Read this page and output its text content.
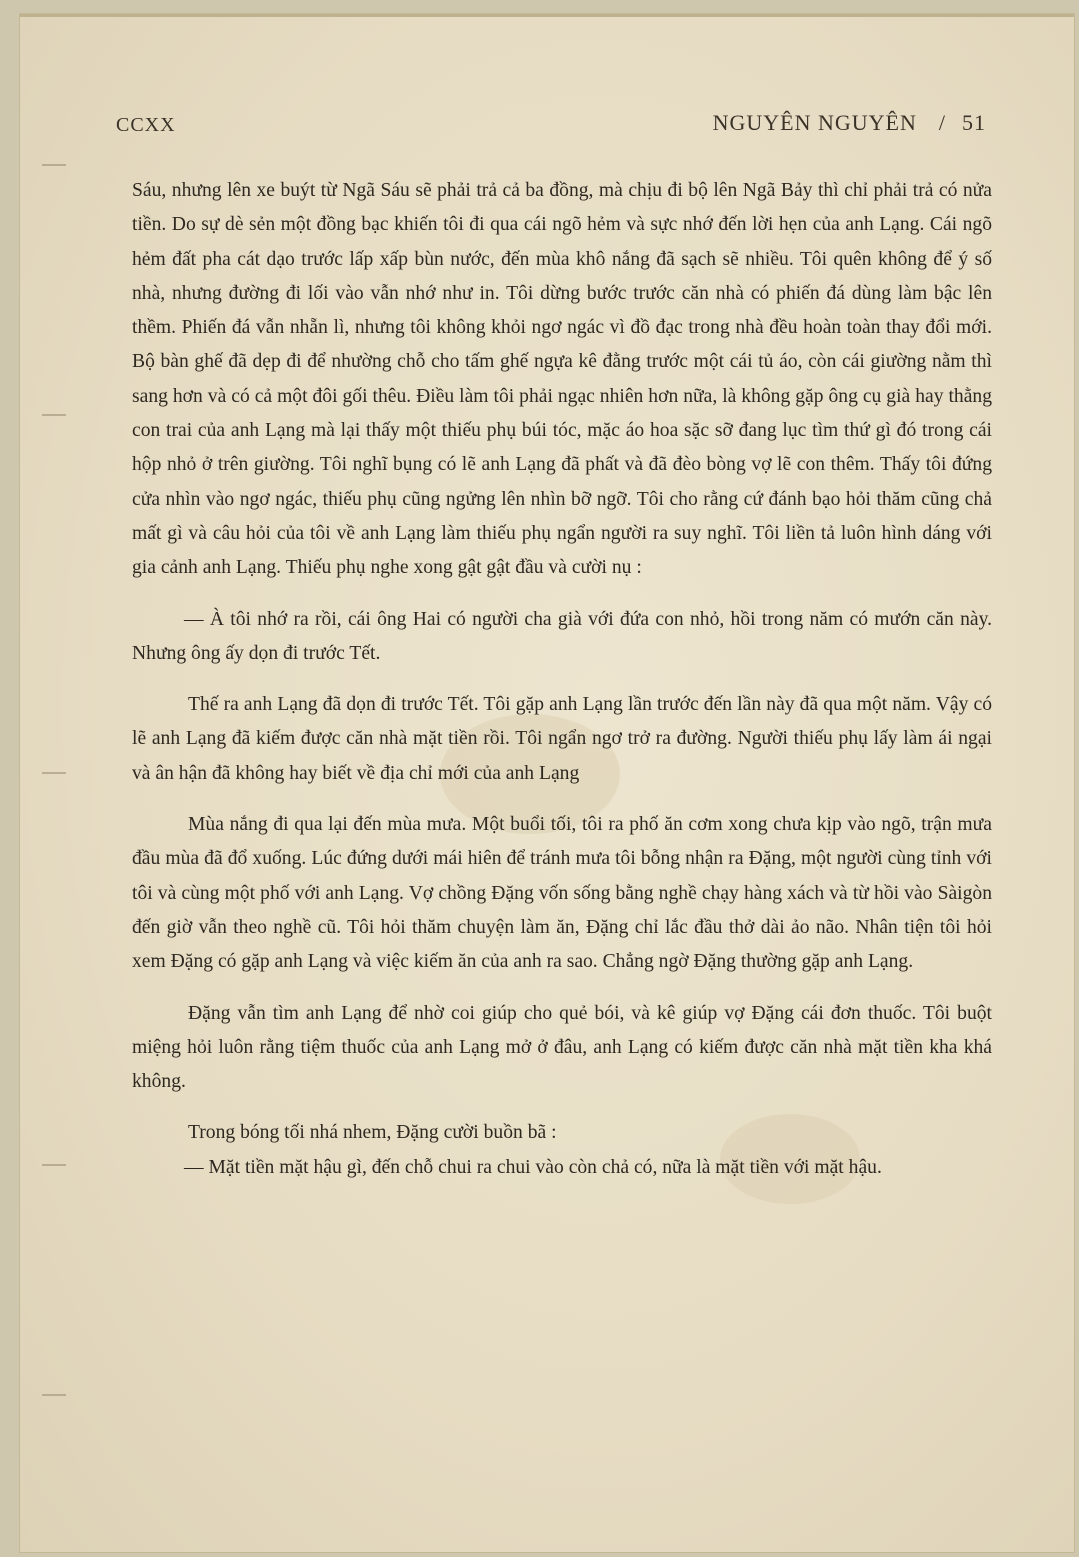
CCXX	NGUYÊN NGUYÊN / 51

Sáu, nhưng lên xe buýt từ Ngã Sáu sẽ phải trả cả ba đồng, mà chịu đi bộ lên Ngã Bảy thì chỉ phải trả có nửa tiền. Do sự dè sẻn một đồng bạc khiến tôi đi qua cái ngõ hẻm và sực nhớ đến lời hẹn của anh Lạng. Cái ngõ hẻm đất pha cát dạo trước lấp xấp bùn nước, đến mùa khô nắng đã sạch sẽ nhiều. Tôi quên không để ý số nhà, nhưng đường đi lối vào vẫn nhớ như in. Tôi dừng bước trước căn nhà có phiến đá dùng làm bậc lên thềm. Phiến đá vẫn nhẵn lì, nhưng tôi không khỏi ngơ ngác vì đồ đạc trong nhà đều hoàn toàn thay đổi mới. Bộ bàn ghế đã dẹp đi để nhường chỗ cho tấm ghế ngựa kê đằng trước một cái tủ áo, còn cái giường nằm thì sang hơn và có cả một đôi gối thêu. Điều làm tôi phải ngạc nhiên hơn nữa, là không gặp ông cụ già hay thằng con trai của anh Lạng mà lại thấy một thiếu phụ búi tóc, mặc áo hoa sặc sỡ đang lục tìm thứ gì đó trong cái hộp nhỏ ở trên giường. Tôi nghĩ bụng có lẽ anh Lạng đã phất và đã đèo bòng vợ lẽ con thêm. Thấy tôi đứng cửa nhìn vào ngơ ngác, thiếu phụ cũng ngửng lên nhìn bỡ ngỡ. Tôi cho rằng cứ đánh bạo hỏi thăm cũng chả mất gì và câu hỏi của tôi về anh Lạng làm thiếu phụ ngẩn người ra suy nghĩ. Tôi liền tả luôn hình dáng với gia cảnh anh Lạng. Thiếu phụ nghe xong gật gật đầu và cười nụ :

— À tôi nhớ ra rồi, cái ông Hai có người cha già với đứa con nhỏ, hồi trong năm có mướn căn này. Nhưng ông ấy dọn đi trước Tết.

Thế ra anh Lạng đã dọn đi trước Tết. Tôi gặp anh Lạng lần trước đến lần này đã qua một năm. Vậy có lẽ anh Lạng đã kiếm được căn nhà mặt tiền rồi. Tôi ngẩn ngơ trở ra đường. Người thiếu phụ lấy làm ái ngại và ân hận đã không hay biết về địa chỉ mới của anh Lạng

Mùa nắng đi qua lại đến mùa mưa. Một buổi tối, tôi ra phố ăn cơm xong chưa kịp vào ngõ, trận mưa đầu mùa đã đổ xuống. Lúc đứng dưới mái hiên để tránh mưa tôi bỗng nhận ra Đặng, một người cùng tỉnh với tôi và cùng một phố với anh Lạng. Vợ chồng Đặng vốn sống bằng nghề chạy hàng xách và từ hồi vào Sàigòn đến giờ vẫn theo nghề cũ. Tôi hỏi thăm chuyện làm ăn, Đặng chỉ lắc đầu thở dài ảo não. Nhân tiện tôi hỏi xem Đặng có gặp anh Lạng và việc kiếm ăn của anh ra sao. Chẳng ngờ Đặng thường gặp anh Lạng.

Đặng vẫn tìm anh Lạng để nhờ coi giúp cho quẻ bói, và kê giúp vợ Đặng cái đơn thuốc. Tôi buột miệng hỏi luôn rằng tiệm thuốc của anh Lạng mở ở đâu, anh Lạng có kiếm được căn nhà mặt tiền kha khá không.

Trong bóng tối nhá nhem, Đặng cười buồn bã :

— Mặt tiền mặt hậu gì, đến chỗ chui ra chui vào còn chả có, nữa là mặt tiền với mặt hậu.
